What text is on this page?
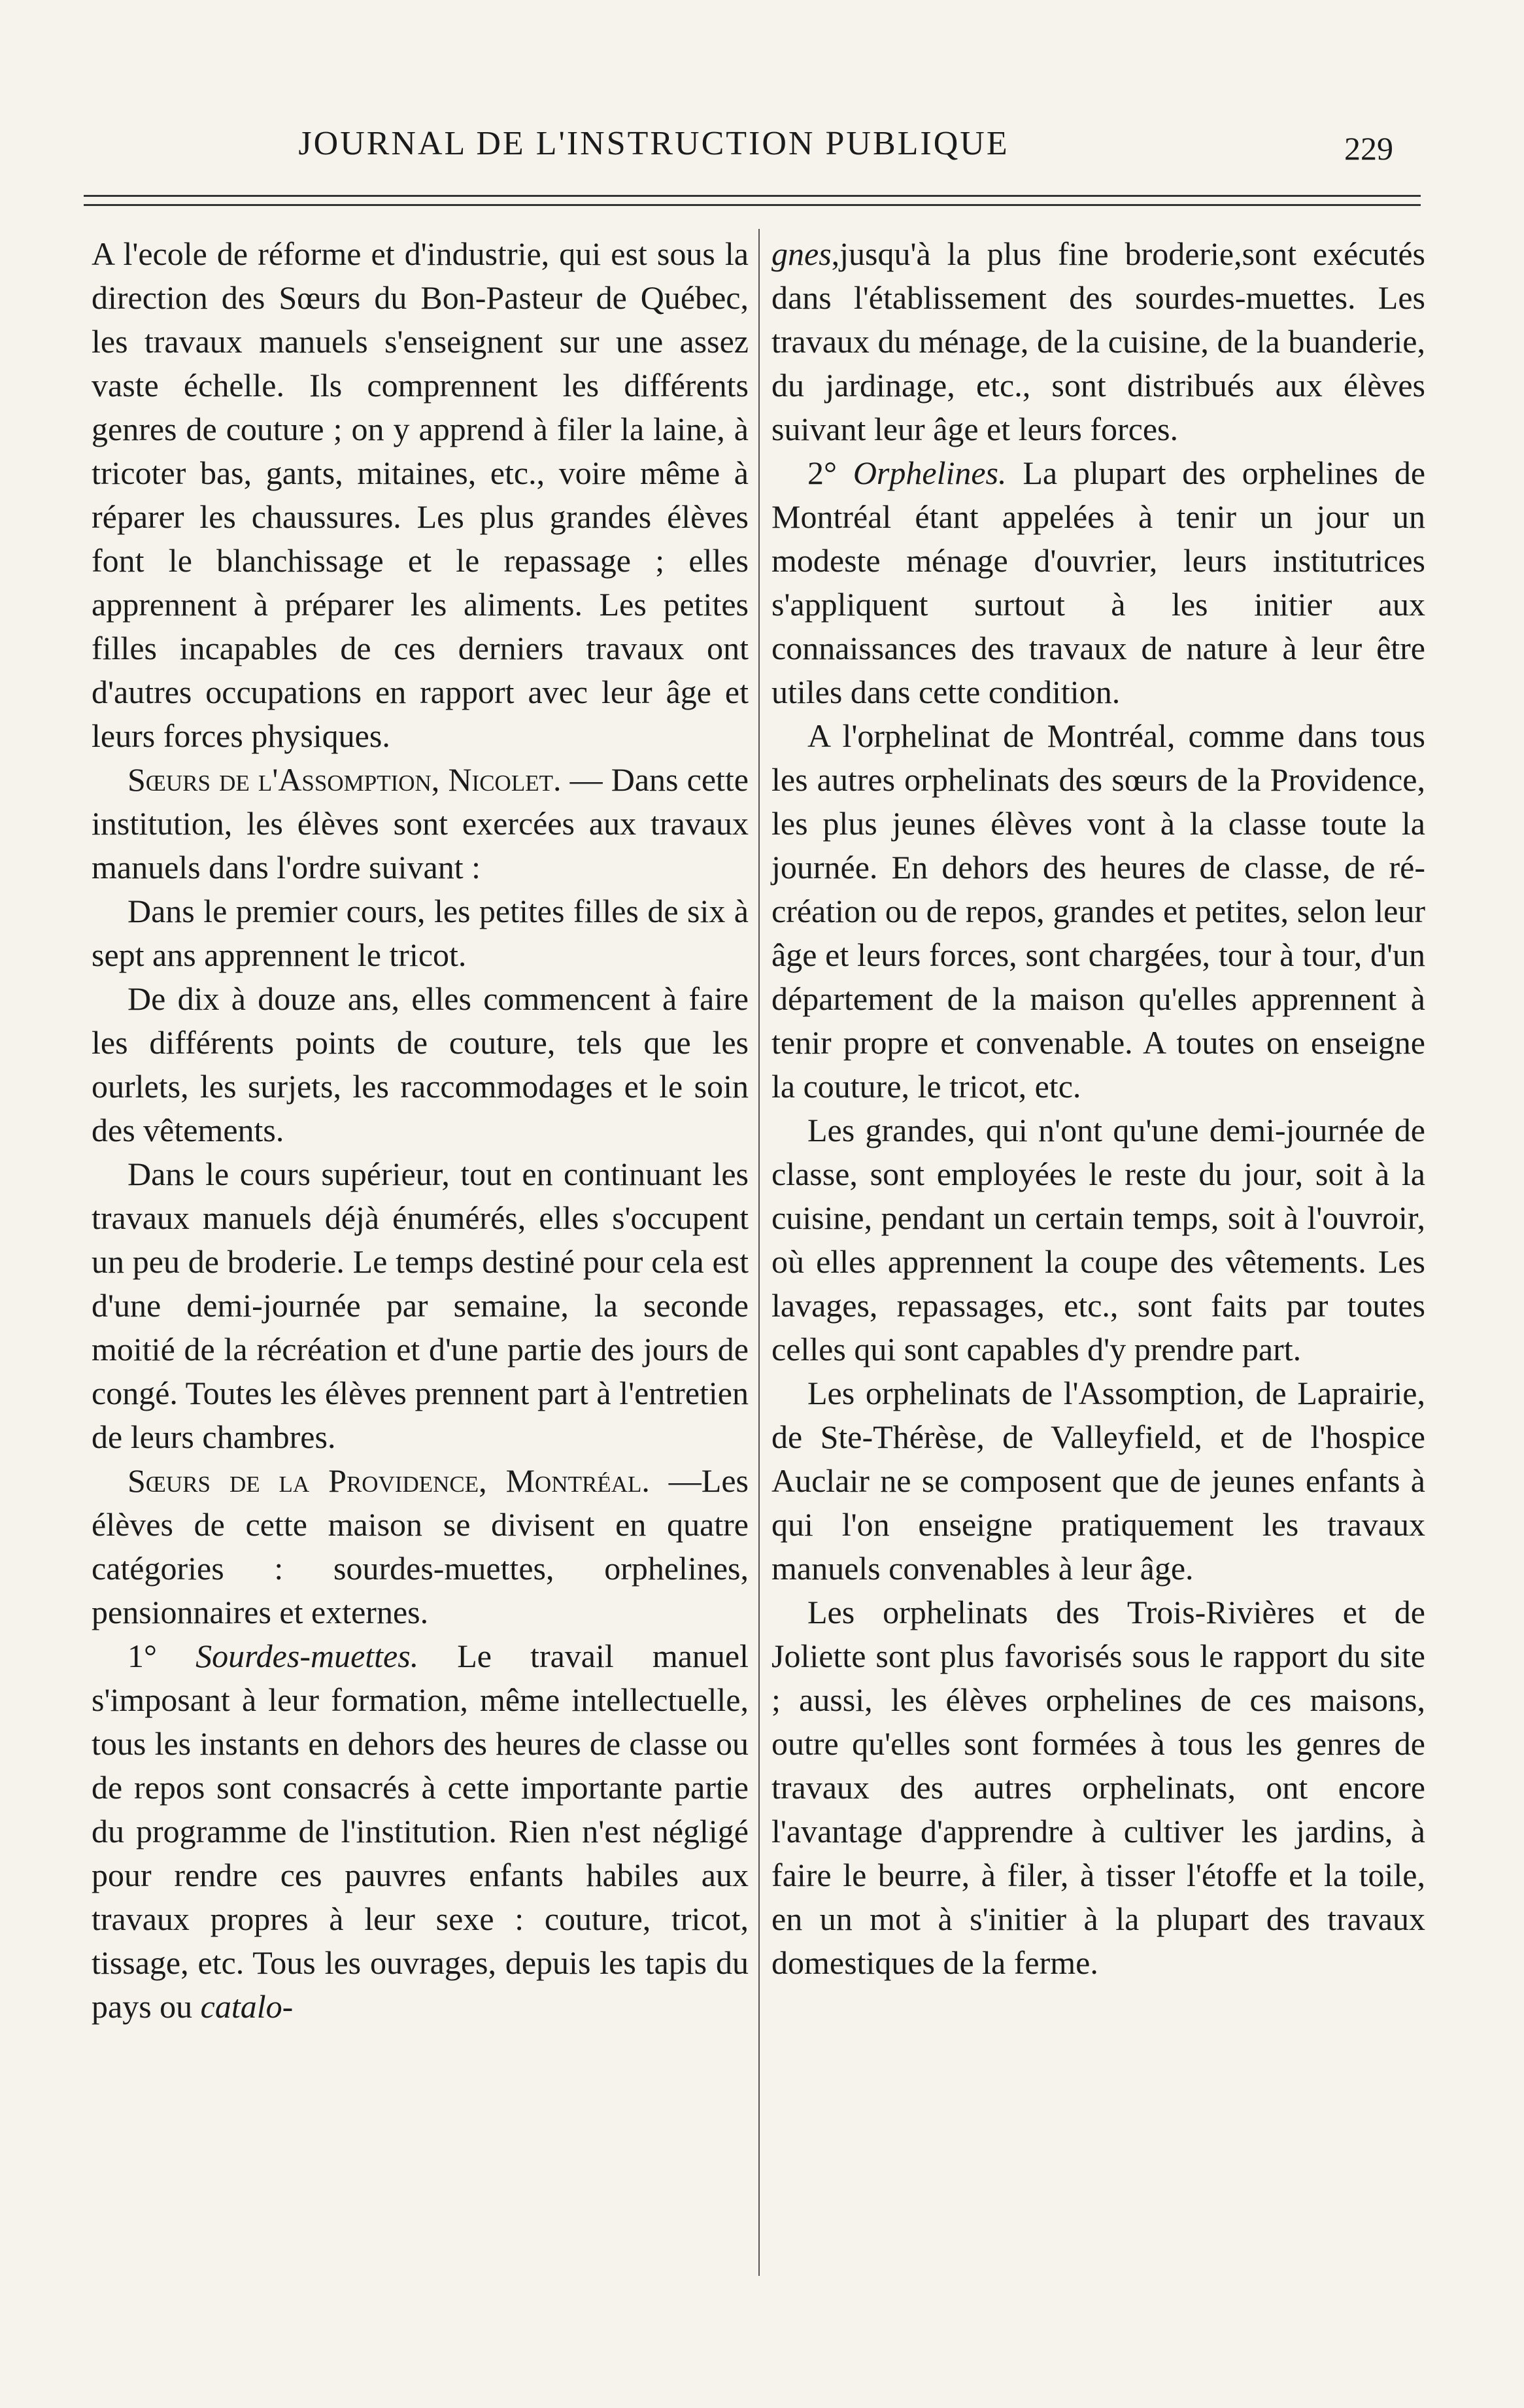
JOURNAL DE L'INSTRUCTION PUBLIQUE	229

A l'ecole de réforme et d'industrie, qui est sous la direction des Sœurs du Bon-Pasteur de Québec, les travaux manuels s'enseignent sur une assez vaste échelle. Ils comprennent les différents genres de couture ; on y apprend à filer la laine, à tricoter bas, gants, mitaines, etc., voire même à réparer les chaussures. Les plus grandes élèves font le blanchissage et le repassage ; elles apprennent à préparer les aliments. Les petites filles incapables de ces derniers travaux ont d'autres occupations en rapport avec leur âge et leurs forces physiques.

Sœurs de l'Assomption, Nicolet. — Dans cette institution, les élèves sont exercées aux travaux manuels dans l'ordre suivant :

Dans le premier cours, les petites filles de six à sept ans apprennent le tricot.

De dix à douze ans, elles commencent à faire les différents points de couture, tels que les ourlets, les surjets, les raccommodages et le soin des vêtements.

Dans le cours supérieur, tout en continuant les travaux manuels déjà énumérés, elles s'occupent un peu de broderie. Le temps destiné pour cela est d'une demi-journée par semaine, la seconde moitié de la récréation et d'une partie des jours de congé. Toutes les élèves prennent part à l'entretien de leurs chambres.

Sœurs de la Providence, Montréal. —Les élèves de cette maison se divisent en quatre catégories : sourdes-muettes, orphelines, pensionnaires et externes.

1° Sourdes-muettes. Le travail manuel s'imposant à leur formation, même intellectuelle, tous les instants en dehors des heures de classe ou de repos sont consacrés à cette importante partie du programme de l'institution. Rien n'est négligé pour rendre ces pauvres enfants habiles aux travaux propres à leur sexe : couture, tricot, tissage, etc. Tous les ouvrages, depuis les tapis du pays ou catalo-

gnes,jusqu'à la plus fine broderie,sont exécutés dans l'établissement des sourdes-muettes. Les travaux du ménage, de la cuisine, de la buanderie, du jardinage, etc., sont distribués aux élèves suivant leur âge et leurs forces.

2° Orphelines. La plupart des orphelines de Montréal étant appelées à tenir un jour un modeste ménage d'ouvrier, leurs institutrices s'appliquent surtout à les initier aux connaissances des travaux de nature à leur être utiles dans cette condition.

A l'orphelinat de Montréal, comme dans tous les autres orphelinats des sœurs de la Providence, les plus jeunes élèves vont à la classe toute la journée. En dehors des heures de classe, de récréation ou de repos, grandes et petites, selon leur âge et leurs forces, sont chargées, tour à tour, d'un département de la maison qu'elles apprennent à tenir propre et convenable. A toutes on enseigne la couture, le tricot, etc.

Les grandes, qui n'ont qu'une demi-journée de classe, sont employées le reste du jour, soit à la cuisine, pendant un certain temps, soit à l'ouvroir, où elles apprennent la coupe des vêtements. Les lavages, repassages, etc., sont faits par toutes celles qui sont capables d'y prendre part.

Les orphelinats de l'Assomption, de Laprairie, de Ste-Thérèse, de Valleyfield, et de l'hospice Auclair ne se composent que de jeunes enfants à qui l'on enseigne pratiquement les travaux manuels convenables à leur âge.

Les orphelinats des Trois-Rivières et de Joliette sont plus favorisés sous le rapport du site ; aussi, les élèves orphelines de ces maisons, outre qu'elles sont formées à tous les genres de travaux des autres orphelinats, ont encore l'avantage d'apprendre à cultiver les jardins, à faire le beurre, à filer, à tisser l'étoffe et la toile, en un mot à s'initier à la plupart des travaux domestiques de la ferme.
